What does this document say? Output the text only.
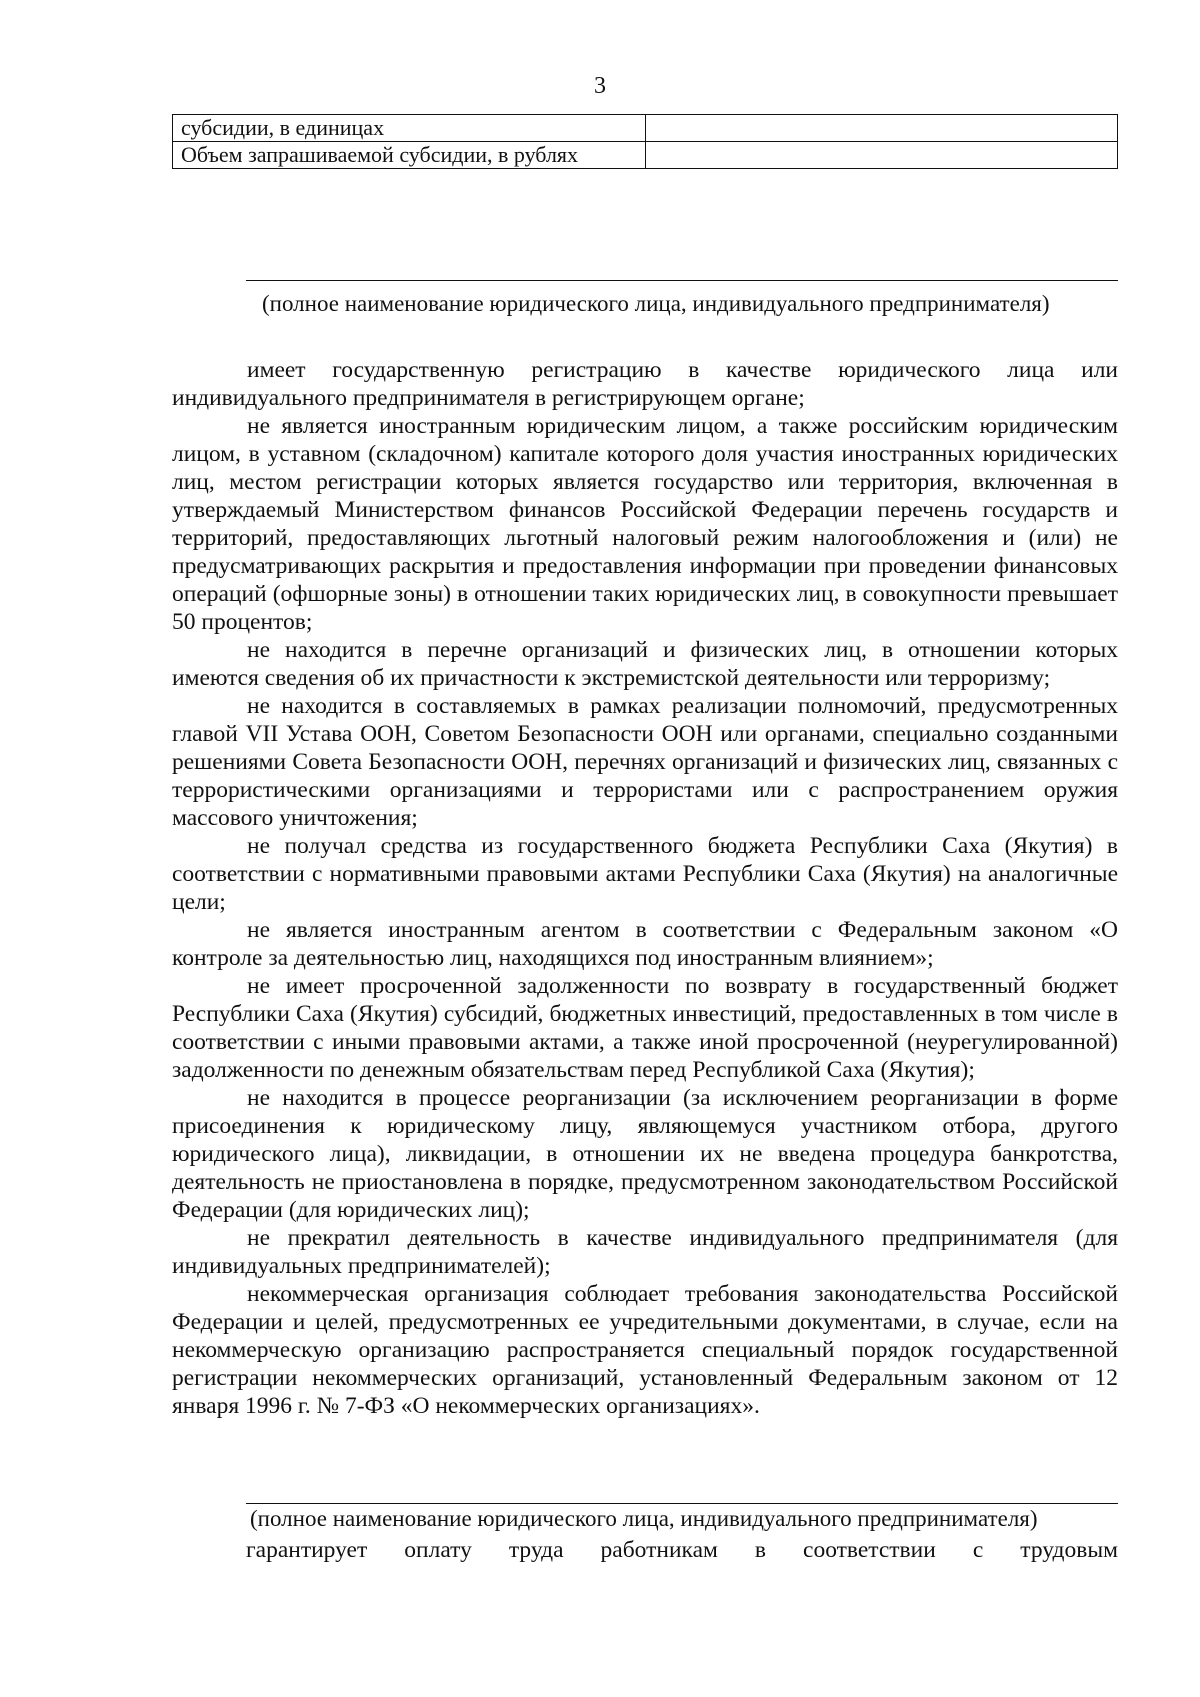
3
субсидии, в единицах	
Объем запрашиваемой субсидии, в рублях	
(полное наименование юридического лица, индивидуального предпринимателя)

имеет государственную регистрацию в качестве юридического лица или индивидуального предпринимателя в регистрирующем органе;

не является иностранным юридическим лицом, а также российским юридическим лицом, в уставном (складочном) капитале которого доля участия иностранных юридических лиц, местом регистрации которых является государство или территория, включенная в утверждаемый Министерством финансов Российской Федерации перечень государств и территорий, предоставляющих льготный налоговый режим налогообложения и (или) не предусматривающих раскрытия и предоставления информации при проведении финансовых операций (офшорные зоны) в отношении таких юридических лиц, в совокупности превышает 50 процентов;

не находится в перечне организаций и физических лиц, в отношении которых имеются сведения об их причастности к экстремистской деятельности или терроризму;

не находится в составляемых в рамках реализации полномочий, предусмотренных главой VII Устава ООН, Советом Безопасности ООН или органами, специально созданными решениями Совета Безопасности ООН, перечнях организаций и физических лиц, связанных с террористическими организациями и террористами или с распространением оружия массового уничтожения;

не получал средства из государственного бюджета Республики Саха (Якутия) в соответствии с нормативными правовыми актами Республики Саха (Якутия) на аналогичные цели;

не является иностранным агентом в соответствии с Федеральным законом «О контроле за деятельностью лиц, находящихся под иностранным влиянием»;

не имеет просроченной задолженности по возврату в государственный бюджет Республики Саха (Якутия) субсидий, бюджетных инвестиций, предоставленных в том числе в соответствии с иными правовыми актами, а также иной просроченной (неурегулированной) задолженности по денежным обязательствам перед Республикой Саха (Якутия);

не находится в процессе реорганизации (за исключением реорганизации в форме присоединения к юридическому лицу, являющемуся участником отбора, другого юридического лица), ликвидации, в отношении их не введена процедура банкротства, деятельность не приостановлена в порядке, предусмотренном законодательством Российской Федерации (для юридических лиц);

не прекратил деятельность в качестве индивидуального предпринимателя (для индивидуальных предпринимателей);

некоммерческая организация соблюдает требования законодательства Российской Федерации и целей, предусмотренных ее учредительными документами, в случае, если на некоммерческую организацию распространяется специальный порядок государственной регистрации некоммерческих организаций, установленный Федеральным законом от 12 января 1996 г. № 7-ФЗ «О некоммерческих организациях».

(полное наименование юридического лица, индивидуального предпринимателя)
гарантирует оплату труда работникам в соответствии с трудовым
